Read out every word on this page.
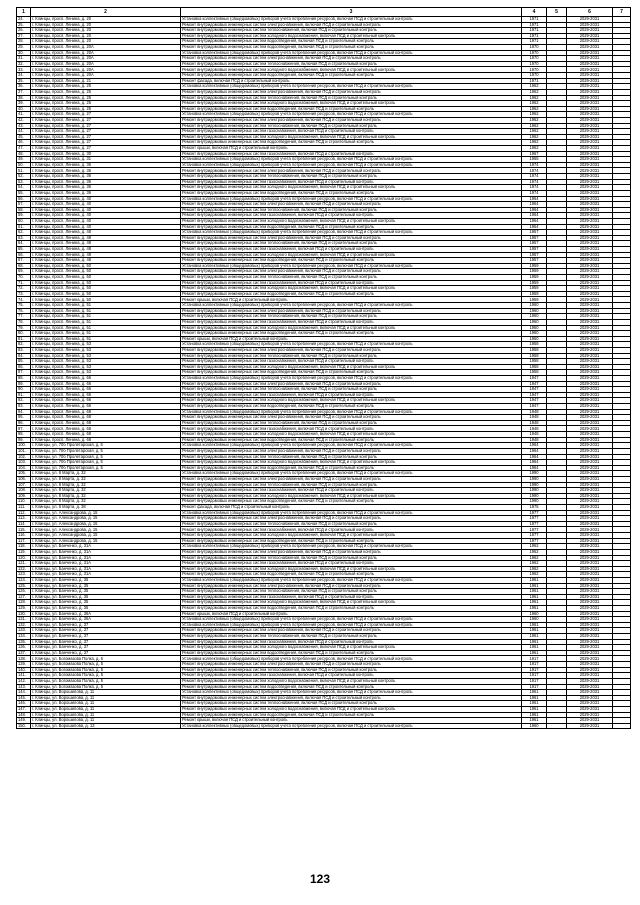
1	2	3	4	5	6	7
24.	г. Клинцы, просп. Ленина, д. 20	Установка коллективных (общедомовых) приборов учета потребления ресурсов, включая ПСД и строительный контроль	1971		2029-2031	
25.	г. Клинцы, просп. Ленина, д. 20	Ремонт внутридомовых инженерных систем электроснабжения, включая ПСД и строительный контроль	1971		2029-2031	
26.	г. Клинцы, просп. Ленина, д. 20	Ремонт внутридомовых инженерных систем теплоснабжения, включая ПСД и строительный контроль	1971		2029-2031	
27.	г. Клинцы, просп. Ленина, д. 20	Ремонт внутридомовых инженерных систем холодного водоснабжения, включая ПСД и строительный контроль	1971		2029-2031	
28.	г. Клинцы, просп. Ленина, д. 20	Ремонт внутридомовых инженерных систем водоотведения, включая ПСД и строительный контроль	1971		2029-2031	
29.	г. Клинцы, просп. Ленина, д. 20А	Ремонт внутридомовых инженерных систем водоотведения, включая ПСД и строительный контроль	1970		2029-2031	
30.	г. Клинцы, просп. Ленина, д. 20А	Установка коллективных (общедомовых) приборов учета потребления ресурсов, включая ПСД и строительный контроль	1970		2029-2031	
31.	г. Клинцы, просп. Ленина, д. 20А	Ремонт внутридомовых инженерных систем электроснабжения, включая ПСД и строительный контроль	1970		2029-2031	
32.	г. Клинцы, просп. Ленина, д. 20А	Ремонт внутридомовых инженерных систем теплоснабжения, включая ПСД и строительный контроль	1970		2029-2031	
33.	г. Клинцы, просп. Ленина, д. 20А	Ремонт внутридомовых инженерных систем холодного водоснабжения, включая ПСД и строительный контроль	1970		2029-2031	
34.	г. Клинцы, просп. Ленина, д. 20А	Ремонт внутридомовых инженерных систем водоотведения, включая ПСД и строительный контроль	1970		2029-2031	
35.	г. Клинцы, просп. Ленина, д. 21	Ремонт фасада, включая ПСД и строительный контроль	1971		2029-2031	
36.	г. Клинцы, просп. Ленина, д. 25	Установка коллективных (общедомовых) приборов учета потребления ресурсов, включая ПСД и строительный контроль	1962		2029-2031	
37.	г. Клинцы, просп. Ленина, д. 25	Ремонт внутридомовых инженерных систем электроснабжения, включая ПСД и строительный контроль	1962		2029-2031	
38.	г. Клинцы, просп. Ленина, д. 25	Ремонт внутридомовых инженерных систем теплоснабжения, включая ПСД и строительный контроль	1962		2029-2031	
39.	г. Клинцы, просп. Ленина, д. 25	Ремонт внутридомовых инженерных систем холодного водоснабжения, включая ПСД и строительный контроль	1962		2029-2031	
40.	г. Клинцы, просп. Ленина, д. 25	Ремонт внутридомовых инженерных систем водоотведения, включая ПСД и строительный контроль	1962		2029-2031	
41.	г. Клинцы, просп. Ленина, д. 27	Установка коллективных (общедомовых) приборов учета потребления ресурсов, включая ПСД и строительный контроль	1962		2029-2031	
42.	г. Клинцы, просп. Ленина, д. 27	Ремонт внутридомовых инженерных систем электроснабжения, включая ПСД и строительный контроль	1962		2029-2031	
43.	г. Клинцы, просп. Ленина, д. 27	Ремонт внутридомовых инженерных систем теплоснабжения, включая ПСД и строительный контроль	1962		2029-2031	
44.	г. Клинцы, просп. Ленина, д. 27	Ремонт внутридомовых инженерных систем газоснабжения, включая ПСД и строительный контроль	1962		2029-2031	
45.	г. Клинцы, просп. Ленина, д. 27	Ремонт внутридомовых инженерных систем холодного водоснабжения, включая ПСД и строительный контроль	1962		2029-2031	
46.	г. Клинцы, просп. Ленина, д. 27	Ремонт внутридомовых инженерных систем водоотведения, включая ПСД и строительный контроль	1962		2029-2031	
47.	г. Клинцы, просп. Ленина, д. 27	Ремонт крыши, включая ПСД и строительный контроль	1962		2029-2031	
48.	г. Клинцы, просп. Ленина, д. 30	Ремонт внутридомовых инженерных систем газоснабжения, включая ПСД и строительный контроль	1967		2029-2031	
49.	г. Клинцы, просп. Ленина, д. 31	Установка коллективных (общедомовых) приборов учета потребления ресурсов, включая ПСД и строительный контроль	1955		2029-2031	
50.	г. Клинцы, просп. Ленина, д. 36	Установка коллективных (общедомовых) приборов учета потребления ресурсов, включая ПСД и строительный контроль	1974		2029-2031	
51.	г. Клинцы, просп. Ленина, д. 36	Ремонт внутридомовых инженерных систем электроснабжения, включая ПСД и строительный контроль	1974		2029-2031	
52.	г. Клинцы, просп. Ленина, д. 36	Ремонт внутридомовых инженерных систем теплоснабжения, включая ПСД и строительный контроль	1974		2029-2031	
53.	г. Клинцы, просп. Ленина, д. 36	Ремонт внутридомовых инженерных систем газоснабжения, включая ПСД и строительный контроль	1974		2029-2031	
54.	г. Клинцы, просп. Ленина, д. 36	Ремонт внутридомовых инженерных систем холодного водоснабжения, включая ПСД и строительный контроль	1974		2029-2031	
55.	г. Клинцы, просп. Ленина, д. 36	Ремонт внутридомовых инженерных систем водоотведения, включая ПСД и строительный контроль	1974		2029-2031	
56.	г. Клинцы, просп. Ленина, д. 40	Установка коллективных (общедомовых) приборов учета потребления ресурсов, включая ПСД и строительный контроль	1964		2029-2031	
57.	г. Клинцы, просп. Ленина, д. 40	Ремонт внутридомовых инженерных систем электроснабжения, включая ПСД и строительный контроль	1964		2029-2031	
58.	г. Клинцы, просп. Ленина, д. 40	Ремонт внутридомовых инженерных систем теплоснабжения, включая ПСД и строительный контроль	1964		2029-2031	
59.	г. Клинцы, просп. Ленина, д. 40	Ремонт внутридомовых инженерных систем газоснабжения, включая ПСД и строительный контроль	1964		2029-2031	
60.	г. Клинцы, просп. Ленина, д. 40	Ремонт внутридомовых инженерных систем холодного водоснабжения, включая ПСД и строительный контроль	1964		2029-2031	
61.	г. Клинцы, просп. Ленина, д. 40	Ремонт внутридомовых инженерных систем водоотведения, включая ПСД и строительный контроль	1964		2029-2031	
62.	г. Клинцы, просп. Ленина, д. 48	Установка коллективных (общедомовых) приборов учета потребления ресурсов, включая ПСД и строительный контроль	1957		2029-2031	
63.	г. Клинцы, просп. Ленина, д. 48	Ремонт внутридомовых инженерных систем электроснабжения, включая ПСД и строительный контроль	1957		2029-2031	
64.	г. Клинцы, просп. Ленина, д. 48	Ремонт внутридомовых инженерных систем теплоснабжения, включая ПСД и строительный контроль	1957		2029-2031	
65.	г. Клинцы, просп. Ленина, д. 48	Ремонт внутридомовых инженерных систем газоснабжения, включая ПСД и строительный контроль	1957		2029-2031	
66.	г. Клинцы, просп. Ленина, д. 48	Ремонт внутридомовых инженерных систем холодного водоснабжения, включая ПСД и строительный контроль	1957		2029-2031	
67.	г. Клинцы, просп. Ленина, д. 48	Ремонт внутридомовых инженерных систем водоотведения, включая ПСД и строительный контроль	1957		2029-2031	
68.	г. Клинцы, просп. Ленина, д. 50	Установка коллективных (общедомовых) приборов учета потребления ресурсов, включая ПСД и строительный контроль	1959		2029-2031	
69.	г. Клинцы, просп. Ленина, д. 50	Ремонт внутридомовых инженерных систем электроснабжения, включая ПСД и строительный контроль	1959		2029-2031	
70.	г. Клинцы, просп. Ленина, д. 50	Ремонт внутридомовых инженерных систем теплоснабжения, включая ПСД и строительный контроль	1959		2029-2031	
71.	г. Клинцы, просп. Ленина, д. 50	Ремонт внутридомовых инженерных систем газоснабжения, включая ПСД и строительный контроль	1959		2029-2031	
72.	г. Клинцы, просп. Ленина, д. 50	Ремонт внутридомовых инженерных систем холодного водоснабжения, включая ПСД и строительный контроль	1959		2029-2031	
73.	г. Клинцы, просп. Ленина, д. 50	Ремонт внутридомовых инженерных систем водоотведения, включая ПСД и строительный контроль	1959		2029-2031	
74.	г. Клинцы, просп. Ленина, д. 50	Ремонт крыши, включая ПСД и строительный контроль	1959		2029-2031	
75.	г. Клинцы, просп. Ленина, д. 51	Установка коллективных (общедомовых) приборов учета потребления ресурсов, включая ПСД и строительный контроль	1960		2029-2031	
76.	г. Клинцы, просп. Ленина, д. 51	Ремонт внутридомовых инженерных систем электроснабжения, включая ПСД и строительный контроль	1960		2029-2031	
77.	г. Клинцы, просп. Ленина, д. 51	Ремонт внутридомовых инженерных систем теплоснабжения, включая ПСД и строительный контроль	1960		2029-2031	
78.	г. Клинцы, просп. Ленина, д. 51	Ремонт внутридомовых инженерных систем газоснабжения, включая ПСД и строительный контроль	1960		2029-2031	
79.	г. Клинцы, просп. Ленина, д. 51	Ремонт внутридомовых инженерных систем холодного водоснабжения, включая ПСД и строительный контроль	1960		2029-2031	
80.	г. Клинцы, просп. Ленина, д. 51	Ремонт внутридомовых инженерных систем водоотведения, включая ПСД и строительный контроль	1960		2029-2031	
81.	г. Клинцы, просп. Ленина, д. 51	Ремонт крыши, включая ПСД и строительный контроль	1960		2029-2031	
82.	г. Клинцы, просп. Ленина, д. 53	Установка коллективных (общедомовых) приборов учета потребления ресурсов, включая ПСД и строительный контроль	1958		2029-2031	
83.	г. Клинцы, просп. Ленина, д. 53	Ремонт внутридомовых инженерных систем электроснабжения, включая ПСД и строительный контроль	1958		2029-2031	
84.	г. Клинцы, просп. Ленина, д. 53	Ремонт внутридомовых инженерных систем теплоснабжения, включая ПСД и строительный контроль	1958		2029-2031	
85.	г. Клинцы, просп. Ленина, д. 53	Ремонт внутридомовых инженерных систем газоснабжения, включая ПСД и строительный контроль	1958		2029-2031	
86.	г. Клинцы, просп. Ленина, д. 53	Ремонт внутридомовых инженерных систем холодного водоснабжения, включая ПСД и строительный контроль	1958		2029-2031	
87.	г. Клинцы, просп. Ленина, д. 53	Ремонт внутридомовых инженерных систем водоотведения, включая ПСД и строительный контроль	1958		2029-2031	
88.	г. Клинцы, просп. Ленина, д. 66	Установка коллективных (общедомовых) приборов учета потребления ресурсов, включая ПСД и строительный контроль	1947		2029-2031	
89.	г. Клинцы, просп. Ленина, д. 66	Ремонт внутридомовых инженерных систем электроснабжения, включая ПСД и строительный контроль	1947		2029-2031	
90.	г. Клинцы, просп. Ленина, д. 66	Ремонт внутридомовых инженерных систем теплоснабжения, включая ПСД и строительный контроль	1947		2029-2031	
91.	г. Клинцы, просп. Ленина, д. 66	Ремонт внутридомовых инженерных систем газоснабжения, включая ПСД и строительный контроль	1947		2029-2031	
92.	г. Клинцы, просп. Ленина, д. 66	Ремонт внутридомовых инженерных систем холодного водоснабжения, включая ПСД и строительный контроль	1947		2029-2031	
93.	г. Клинцы, просп. Ленина, д. 66	Ремонт внутридомовых инженерных систем водоотведения, включая ПСД и строительный контроль	1947		2029-2031	
94.	г. Клинцы, просп. Ленина, д. 68	Установка коллективных (общедомовых) приборов учета потребления ресурсов, включая ПСД и строительный контроль	1948		2029-2031	
95.	г. Клинцы, просп. Ленина, д. 68	Ремонт внутридомовых инженерных систем электроснабжения, включая ПСД и строительный контроль	1948		2029-2031	
96.	г. Клинцы, просп. Ленина, д. 68	Ремонт внутридомовых инженерных систем теплоснабжения, включая ПСД и строительный контроль	1948		2029-2031	
97.	г. Клинцы, просп. Ленина, д. 68	Ремонт внутридомовых инженерных систем газоснабжения, включая ПСД и строительный контроль	1948		2029-2031	
98.	г. Клинцы, просп. Ленина, д. 68	Ремонт внутридомовых инженерных систем холодного водоснабжения, включая ПСД и строительный контроль	1948		2029-2031	
99.	г. Клинцы, просп. Ленина, д. 68	Ремонт внутридомовых инженерных систем водоотведения, включая ПСД и строительный контроль	1948		2029-2031	
100.	г. Клинцы, ул. 70б Пролетарская, д. 5	Установка коллективных (общедомовых) приборов учета потребления ресурсов, включая ПСД и строительный контроль	1964		2029-2031	
101.	г. Клинцы, ул. 70б Пролетарская, д. 5	Ремонт внутридомовых инженерных систем электроснабжения, включая ПСД и строительный контроль	1964		2029-2031	
102.	г. Клинцы, ул. 70б Пролетарская, д. 5	Ремонт внутридомовых инженерных систем теплоснабжения, включая ПСД и строительный контроль	1964		2029-2031	
103.	г. Клинцы, ул. 70б Пролетарская, д. 5	Ремонт внутридомовых инженерных систем холодного водоснабжения, включая ПСД и строительный контроль	1964		2029-2031	
104.	г. Клинцы, ул. 70б Пролетарская, д. 5	Ремонт внутридомовых инженерных систем водоотведения, включая ПСД и строительный контроль	1964		2029-2031	
105.	г. Клинцы, ул. 8 Марта, д. 32	Установка коллективных (общедомовых) приборов учета потребления ресурсов, включая ПСД и строительный контроль	1990		2029-2031	
106.	г. Клинцы, ул. 8 Марта, д. 32	Ремонт внутридомовых инженерных систем электроснабжения, включая ПСД и строительный контроль	1990		2029-2031	
107.	г. Клинцы, ул. 8 Марта, д. 32	Ремонт внутридомовых инженерных систем теплоснабжения, включая ПСД и строительный контроль	1990		2029-2031	
108.	г. Клинцы, ул. 8 Марта, д. 32	Ремонт внутридомовых инженерных систем газоснабжения, включая ПСД и строительный контроль	1990		2029-2031	
109.	г. Клинцы, ул. 8 Марта, д. 32	Ремонт внутридомовых инженерных систем холодного водоснабжения, включая ПСД и строительный контроль	1990		2029-2031	
110.	г. Клинцы, ул. 8 Марта, д. 32	Ремонт внутридомовых инженерных систем водоотведения, включая ПСД и строительный контроль	1990		2029-2031	
111.	г. Клинцы, ул. 8 Марта, д. 38	Ремонт фасада, включая ПСД и строительный контроль	1975		2029-2031	
112.	г. Клинцы, ул. Александрова, д. 15	Установка коллективных (общедомовых) приборов учета потребления ресурсов, включая ПСД и строительный контроль	1977		2029-2031	
113.	г. Клинцы, ул. Александрова, д. 15	Ремонт внутридомовых инженерных систем электроснабжения, включая ПСД и строительный контроль	1977		2029-2031	
114.	г. Клинцы, ул. Александрова, д. 15	Ремонт внутридомовых инженерных систем теплоснабжения, включая ПСД и строительный контроль	1977		2029-2031	
115.	г. Клинцы, ул. Александрова, д. 15	Ремонт внутридомовых инженерных систем газоснабжения, включая ПСД и строительный контроль	1977		2029-2031	
116.	г. Клинцы, ул. Александрова, д. 15	Ремонт внутридомовых инженерных систем холодного водоснабжения, включая ПСД и строительный контроль	1977		2029-2031	
117.	г. Клинцы, ул. Александрова, д. 15	Ремонт внутридомовых инженерных систем водоотведения, включая ПСД и строительный контроль	1977		2029-2031	
118.	г. Клинцы, ул. Банченко, д. 31А	Установка коллективных (общедомовых) приборов учета потребления ресурсов, включая ПСД и строительный контроль	1962		2029-2031	
119.	г. Клинцы, ул. Банченко, д. 31А	Ремонт внутридомовых инженерных систем электроснабжения, включая ПСД и строительный контроль	1962		2029-2031	
120.	г. Клинцы, ул. Банченко, д. 31А	Ремонт внутридомовых инженерных систем теплоснабжения, включая ПСД и строительный контроль	1962		2029-2031	
121.	г. Клинцы, ул. Банченко, д. 31А	Ремонт внутридомовых инженерных систем газоснабжения, включая ПСД и строительный контроль	1962		2029-2031	
122.	г. Клинцы, ул. Банченко, д. 31А	Ремонт внутридомовых инженерных систем холодного водоснабжения, включая ПСД и строительный контроль	1962		2029-2031	
123.	г. Клинцы, ул. Банченко, д. 31А	Ремонт внутридомовых инженерных систем водоотведения, включая ПСД и строительный контроль	1962		2029-2031	
124.	г. Клинцы, ул. Банченко, д. 35	Установка коллективных (общедомовых) приборов учета потребления ресурсов, включая ПСД и строительный контроль	1961		2029-2031	
125.	г. Клинцы, ул. Банченко, д. 35	Ремонт внутридомовых инженерных систем электроснабжения, включая ПСД и строительный контроль	1961		2029-2031	
126.	г. Клинцы, ул. Банченко, д. 35	Ремонт внутридомовых инженерных систем теплоснабжения, включая ПСД и строительный контроль	1961		2029-2031	
127.	г. Клинцы, ул. Банченко, д. 35	Ремонт внутридомовых инженерных систем газоснабжения, включая ПСД и строительный контроль	1961		2029-2031	
128.	г. Клинцы, ул. Банченко, д. 35	Ремонт внутридомовых инженерных систем холодного водоснабжения, включая ПСД и строительный контроль	1961		2029-2031	
129.	г. Клинцы, ул. Банченко, д. 35	Ремонт внутридомовых инженерных систем водоотведения, включая ПСД и строительный контроль	1961		2029-2031	
130.	г. Клинцы, ул. Банченко, д. 36А	Ремонт крыши, включая ПСД и строительный контроль	1960		2029-2031	
131.	г. Клинцы, ул. Банченко, д. 36А	Установка коллективных (общедомовых) приборов учета потребления ресурсов, включая ПСД и строительный контроль	1960		2029-2031	
132.	г. Клинцы, ул. Банченко, д. 37	Установка коллективных (общедомовых) приборов учета потребления ресурсов, включая ПСД и строительный контроль	1961		2029-2031	
133.	г. Клинцы, ул. Банченко, д. 37	Ремонт внутридомовых инженерных систем электроснабжения, включая ПСД и строительный контроль	1961		2029-2031	
134.	г. Клинцы, ул. Банченко, д. 37	Ремонт внутридомовых инженерных систем теплоснабжения, включая ПСД и строительный контроль	1961		2029-2031	
135.	г. Клинцы, ул. Банченко, д. 37	Ремонт внутридомовых инженерных систем газоснабжения, включая ПСД и строительный контроль	1961		2029-2031	
136.	г. Клинцы, ул. Банченко, д. 37	Ремонт внутридомовых инженерных систем холодного водоснабжения, включая ПСД и строительный контроль	1961		2029-2031	
137.	г. Клинцы, ул. Банченко, д. 37	Ремонт внутридомовых инженерных систем водоотведения, включая ПСД и строительный контроль	1961		2029-2031	
138.	г. Клинцы, ул. Богомазова Полка, д. 5	Установка коллективных (общедомовых) приборов учета потребления ресурсов, включая ПСД и строительный контроль	1917		2029-2031	
139.	г. Клинцы, ул. Богомазова Полка, д. 5	Ремонт внутридомовых инженерных систем электроснабжения, включая ПСД и строительный контроль	1917		2029-2031	
140.	г. Клинцы, ул. Богомазова Полка, д. 5	Ремонт внутридомовых инженерных систем теплоснабжения, включая ПСД и строительный контроль	1917		2029-2031	
141.	г. Клинцы, ул. Богомазова Полка, д. 5	Ремонт внутридомовых инженерных систем газоснабжения, включая ПСД и строительный контроль	1917		2029-2031	
142.	г. Клинцы, ул. Богомазова Полка, д. 5	Ремонт внутридомовых инженерных систем холодного водоснабжения, включая ПСД и строительный контроль	1917		2029-2031	
143.	г. Клинцы, ул. Богомазова Полка, д. 5	Ремонт внутридомовых инженерных систем водоотведения, включая ПСД и строительный контроль	1917		2029-2031	
144.	г. Клинцы, ул. Ворошилова, д. 11	Установка коллективных (общедомовых) приборов учета потребления ресурсов, включая ПСД и строительный контроль	1961		2029-2031	
145.	г. Клинцы, ул. Ворошилова, д. 11	Ремонт внутридомовых инженерных систем электроснабжения, включая ПСД и строительный контроль	1961		2029-2031	
146.	г. Клинцы, ул. Ворошилова, д. 11	Ремонт внутридомовых инженерных систем теплоснабжения, включая ПСД и строительный контроль	1961		2029-2031	
147.	г. Клинцы, ул. Ворошилова, д. 11	Ремонт внутридомовых инженерных систем холодного водоснабжения, включая ПСД и строительный контроль	1961		2029-2031	
148.	г. Клинцы, ул. Ворошилова, д. 11	Ремонт внутридомовых инженерных систем водоотведения, включая ПСД и строительный контроль	1961		2029-2031	
149.	г. Клинцы, ул. Ворошилова, д. 11	Ремонт крыши, включая ПСД и строительный контроль	1961		2029-2031	
150.	г. Клинцы, ул. Ворошилова, д. 13	Установка коллективных (общедомовых) приборов учета потребления ресурсов, включая ПСД и строительный контроль	1960		2029-2031	
123
